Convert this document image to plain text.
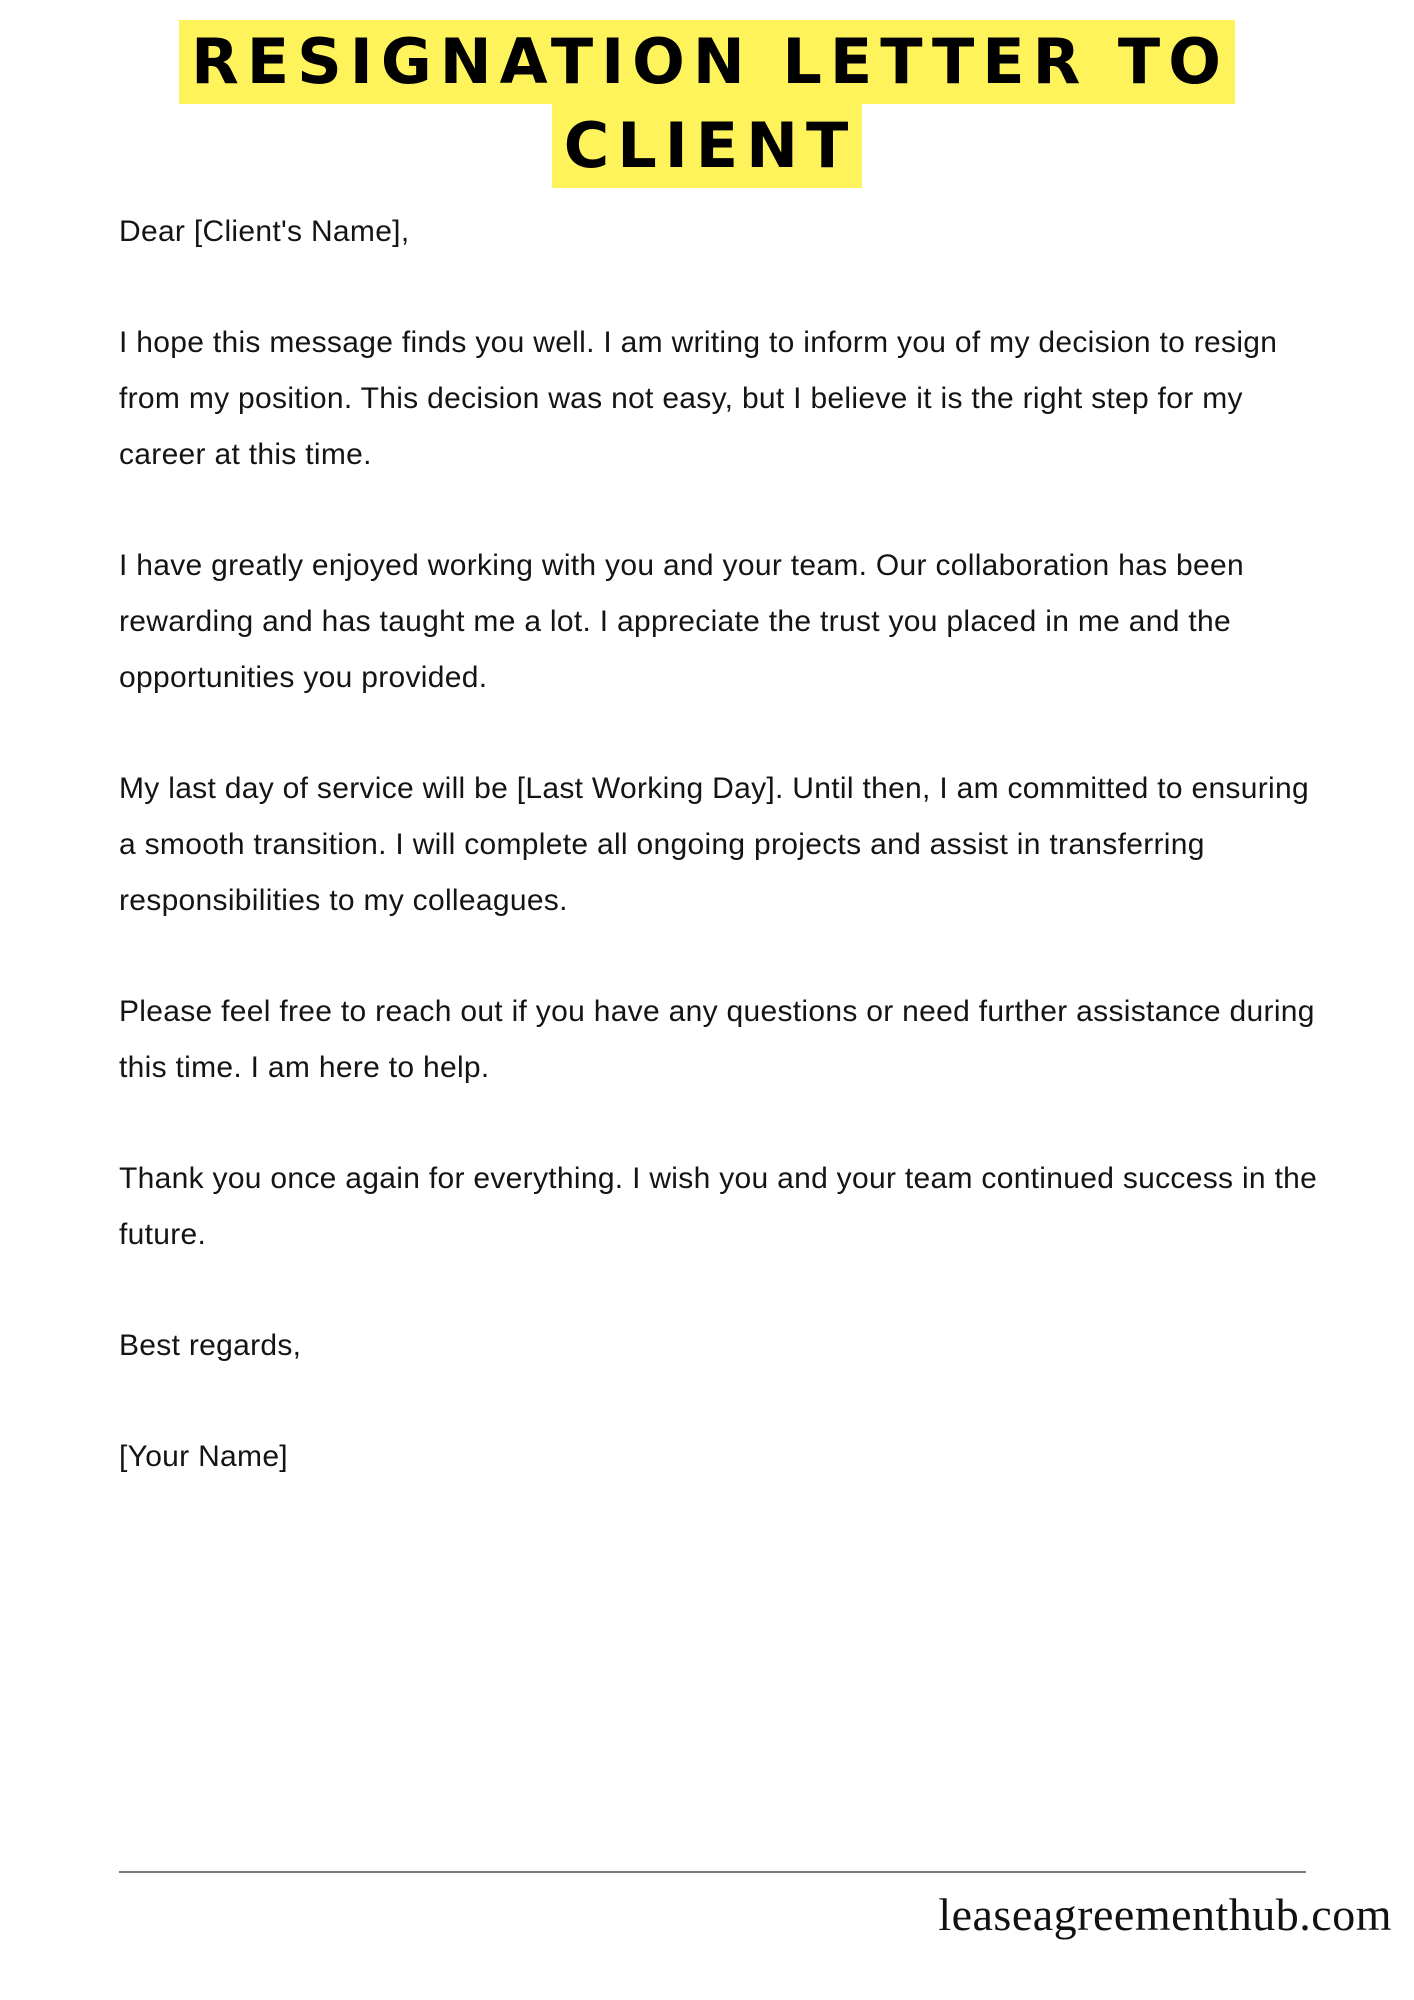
RESIGNATION LETTER TO
CLIENT

Dear [Client's Name],

I hope this message finds you well. I am writing to inform you of my decision to resign from my position. This decision was not easy, but I believe it is the right step for my career at this time.

I have greatly enjoyed working with you and your team. Our collaboration has been rewarding and has taught me a lot. I appreciate the trust you placed in me and the opportunities you provided.

My last day of service will be [Last Working Day]. Until then, I am committed to ensuring a smooth transition. I will complete all ongoing projects and assist in transferring responsibilities to my colleagues.

Please feel free to reach out if you have any questions or need further assistance during this time. I am here to help.

Thank you once again for everything. I wish you and your team continued success in the future.

Best regards,

[Your Name]

leaseagreementhub.com
